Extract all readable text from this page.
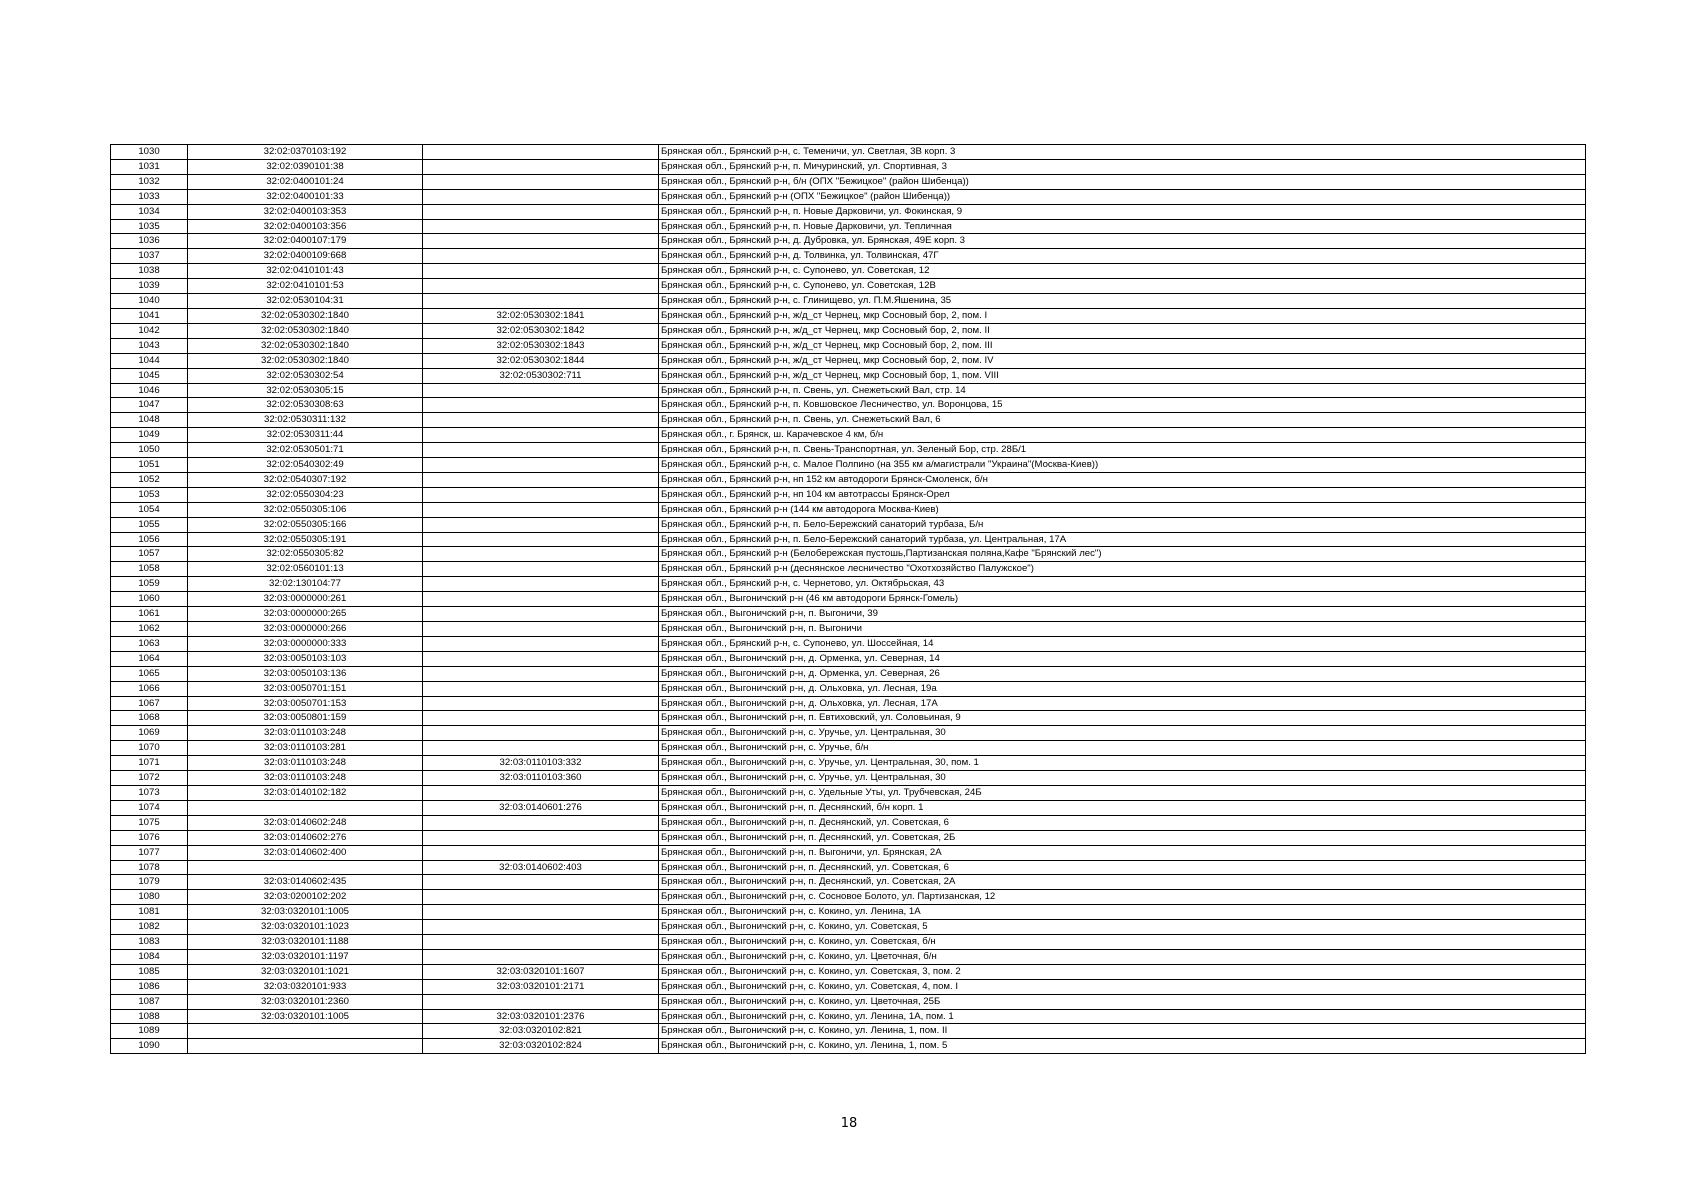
1030	32:02:0370103:192		Брянская обл., Брянский р-н, с. Теменичи, ул. Светлая, 3В корп. 3
1031	32:02:0390101:38		Брянская обл., Брянский р-н, п. Мичуринский, ул. Спортивная, 3
1032	32:02:0400101:24		Брянская обл., Брянский р-н, б/н (ОПХ "Бежицкое" (район Шибенца))
1033	32:02:0400101:33		Брянская обл., Брянский р-н (ОПХ "Бежицкое" (район Шибенца))
1034	32:02:0400103:353		Брянская обл., Брянский р-н, п. Новые Дарковичи, ул. Фокинская, 9
1035	32:02:0400103:356		Брянская обл., Брянский р-н, п. Новые Дарковичи, ул. Тепличная
1036	32:02:0400107:179		Брянская обл., Брянский р-н, д. Дубровка, ул. Брянская, 49Е корп. 3
1037	32:02:0400109:668		Брянская обл., Брянский р-н, д. Толвинка, ул. Толвинская, 47Г
1038	32:02:0410101:43		Брянская обл., Брянский р-н, с. Супонево, ул. Советская, 12
1039	32:02:0410101:53		Брянская обл., Брянский р-н, с. Супонево, ул. Советская, 12В
1040	32:02:0530104:31		Брянская обл., Брянский р-н, с. Глинищево, ул. П.М.Яшенина, 35
1041	32:02:0530302:1840	32:02:0530302:1841	Брянская обл., Брянский р-н, ж/д_ст Чернец, мкр Сосновый бор, 2, пом. I
1042	32:02:0530302:1840	32:02:0530302:1842	Брянская обл., Брянский р-н, ж/д_ст Чернец, мкр Сосновый бор, 2, пом. II
1043	32:02:0530302:1840	32:02:0530302:1843	Брянская обл., Брянский р-н, ж/д_ст Чернец, мкр Сосновый бор, 2, пом. III
1044	32:02:0530302:1840	32:02:0530302:1844	Брянская обл., Брянский р-н, ж/д_ст Чернец, мкр Сосновый бор, 2, пом. IV
1045	32:02:0530302:54	32:02:0530302:711	Брянская обл., Брянский р-н, ж/д_ст Чернец, мкр Сосновый бор, 1, пом. VIII
1046	32:02:0530305:15		Брянская обл., Брянский р-н, п. Свень, ул. Снежетьский Вал, стр. 14
1047	32:02:0530308:63		Брянская обл., Брянский р-н, п. Ковшовское Лесничество, ул. Воронцова, 15
1048	32:02:0530311:132		Брянская обл., Брянский р-н, п. Свень, ул. Снежетьский Вал, 6
1049	32:02:0530311:44		Брянская обл., г. Брянск, ш. Карачевское 4 км, б/н
1050	32:02:0530501:71		Брянская обл., Брянский р-н, п. Свень-Транспортная, ул. Зеленый Бор, стр. 28Б/1
1051	32:02:0540302:49		Брянская обл., Брянский р-н, с. Малое Полпино (на 355 км а/магистрали "Украина"(Москва-Киев))
1052	32:02:0540307:192		Брянская обл., Брянский р-н, нп 152 км автодороги Брянск-Смоленск, б/н
1053	32:02:0550304:23		Брянская обл., Брянский р-н, нп 104 км автотрассы Брянск-Орел
1054	32:02:0550305:106		Брянская обл., Брянский р-н (144 км автодорога Москва-Киев)
1055	32:02:0550305:166		Брянская обл., Брянский р-н, п. Бело-Бережский санаторий турбаза, Б/н
1056	32:02:0550305:191		Брянская обл., Брянский р-н, п. Бело-Бережский санаторий турбаза, ул. Центральная, 17А
1057	32:02:0550305:82		Брянская обл., Брянский р-н (Белобережская пустошь,Партизанская поляна,Кафе "Брянский лес")
1058	32:02:0560101:13		Брянская обл., Брянский р-н (деснянское лесничество "Охотхозяйство Палужское")
1059	32:02:130104:77		Брянская обл., Брянский р-н, с. Чернетово, ул. Октябрьская, 43
1060	32:03:0000000:261		Брянская обл., Выгоничский р-н (46 км автодороги Брянск-Гомель)
1061	32:03:0000000:265		Брянская обл., Выгоничский р-н, п. Выгоничи, 39
1062	32:03:0000000:266		Брянская обл., Выгоничский р-н, п. Выгоничи
1063	32:03:0000000:333		Брянская обл., Брянский р-н, с. Супонево, ул. Шоссейная, 14
1064	32:03:0050103:103		Брянская обл., Выгоничский р-н, д. Орменка, ул. Северная, 14
1065	32:03:0050103:136		Брянская обл., Выгоничский р-н, д. Орменка, ул. Северная, 26
1066	32:03:0050701:151		Брянская обл., Выгоничский р-н, д. Ольховка, ул. Лесная, 19а
1067	32:03:0050701:153		Брянская обл., Выгоничский р-н, д. Ольховка, ул. Лесная, 17А
1068	32:03:0050801:159		Брянская обл., Выгоничский р-н, п. Евтиховский, ул. Соловьиная, 9
1069	32:03:0110103:248		Брянская обл., Выгоничский р-н, с. Уручье, ул. Центральная, 30
1070	32:03:0110103:281		Брянская обл., Выгоничский р-н, с. Уручье, б/н
1071	32:03:0110103:248	32:03:0110103:332	Брянская обл., Выгоничский р-н, с. Уручье, ул. Центральная, 30, пом. 1
1072	32:03:0110103:248	32:03:0110103:360	Брянская обл., Выгоничский р-н, с. Уручье, ул. Центральная, 30
1073	32:03:0140102:182		Брянская обл., Выгоничский р-н, с. Удельные Уты, ул. Трубчевская, 24Б
1074		32:03:0140601:276	Брянская обл., Выгоничский р-н, п. Деснянский, б/н корп. 1
1075	32:03:0140602:248		Брянская обл., Выгоничский р-н, п. Деснянский, ул. Советская, 6
1076	32:03:0140602:276		Брянская обл., Выгоничский р-н, п. Деснянский, ул. Советская, 2Б
1077	32:03:0140602:400		Брянская обл., Выгоничский р-н, п. Выгоничи, ул. Брянская, 2А
1078		32:03:0140602:403	Брянская обл., Выгоничский р-н, п. Деснянский, ул. Советская, 6
1079	32:03:0140602:435		Брянская обл., Выгоничский р-н, п. Деснянский, ул. Советская, 2А
1080	32:03:0200102:202		Брянская обл., Выгоничский р-н, с. Сосновое Болото, ул. Партизанская, 12
1081	32:03:0320101:1005		Брянская обл., Выгоничский р-н, с. Кокино, ул. Ленина, 1А
1082	32:03:0320101:1023		Брянская обл., Выгоничский р-н, с. Кокино, ул. Советская, 5
1083	32:03:0320101:1188		Брянская обл., Выгоничский р-н, с. Кокино, ул. Советская, б/н
1084	32:03:0320101:1197		Брянская обл., Выгоничский р-н, с. Кокино, ул. Цветочная, б/н
1085	32:03:0320101:1021	32:03:0320101:1607	Брянская обл., Выгоничский р-н, с. Кокино, ул. Советская, 3, пом. 2
1086	32:03:0320101:933	32:03:0320101:2171	Брянская обл., Выгоничский р-н, с. Кокино, ул. Советская, 4, пом. I
1087	32:03:0320101:2360		Брянская обл., Выгоничский р-н, с. Кокино, ул. Цветочная, 25Б
1088	32:03:0320101:1005	32:03:0320101:2376	Брянская обл., Выгоничский р-н, с. Кокино, ул. Ленина, 1А, пом. 1
1089		32:03:0320102:821	Брянская обл., Выгоничский р-н, с. Кокино, ул. Ленина, 1, пом. II
1090		32:03:0320102:824	Брянская обл., Выгоничский р-н, с. Кокино, ул. Ленина, 1, пом. 5
18
